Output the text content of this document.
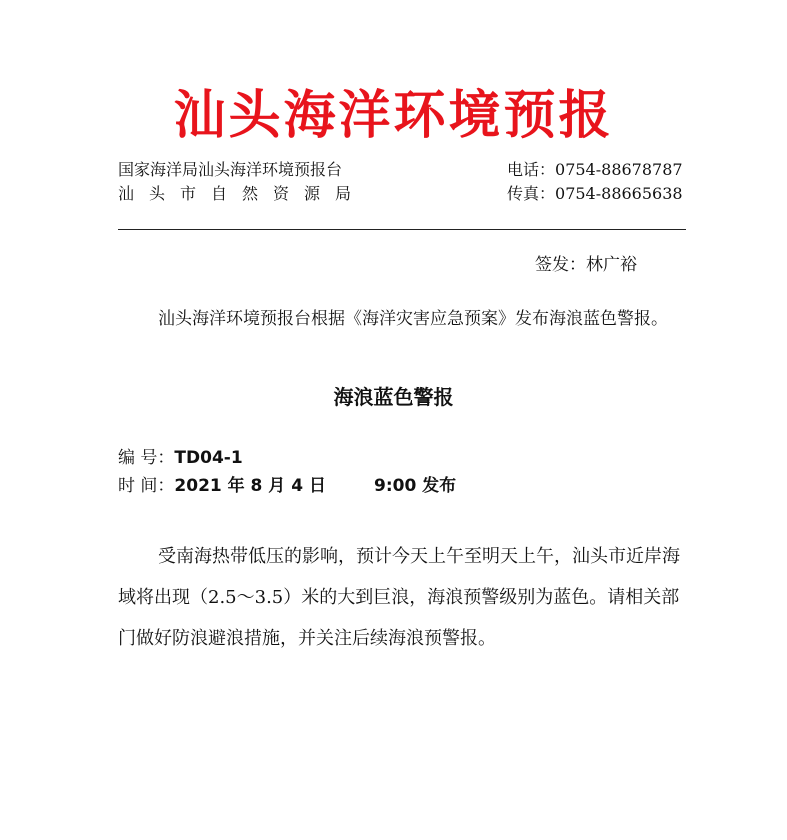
汕头海洋环境预报
国家海洋局汕头海洋环境预报台
汕头市自然资源局
电话：0754-88678787
传真：0754-88665638
签发：林广裕

汕头海洋环境预报台根据《海洋灾害应急预案》发布海浪蓝色警报。

海浪蓝色警报
编 号：TD04-1
时 间：2021 年 8 月 4 日	9:00 发布

受南海热带低压的影响，预计今天上午至明天上午，汕头市近岸海域将出现（2.5～3.5）米的大到巨浪，海浪预警级别为蓝色。请相关部门做好防浪避浪措施，并关注后续海浪预警报。
